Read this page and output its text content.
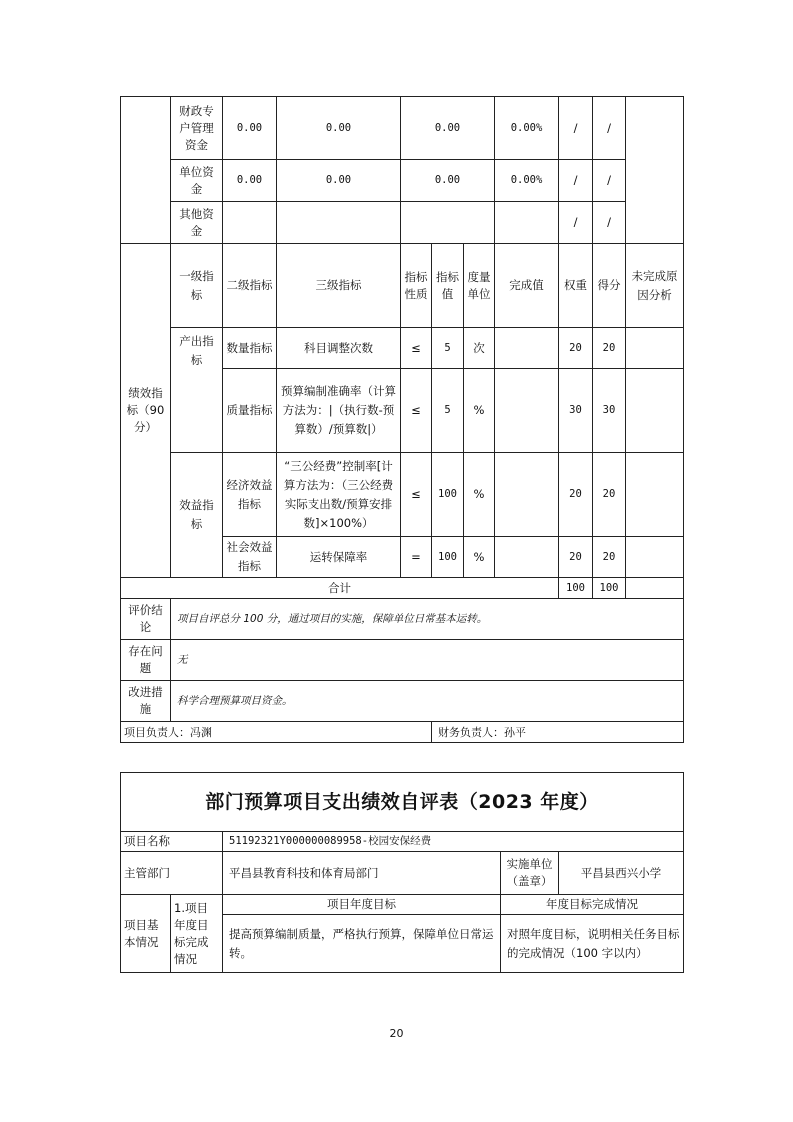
	财政专户管理资金	0.00	0.00	0.00			0.00%	/	/	
	单位资金	0.00	0.00	0.00			0.00%	/	/	
	其他资金							/	/	
绩效指标（90分）	一级指标	二级指标	三级指标	指标性质	指标值	度量单位	完成值	权重	得分	未完成原因分析
	产出指标	数量指标	科目调整次数	≤	5	次		20	20	
		质量指标	预算编制准确率（计算方法为：|（执行数-预算数）/预算数|）	≤	5	%		30	30	
	效益指标	经济效益指标	“三公经费”控制率[计算方法为：（三公经费实际支出数/预算安排数]×100%）	≤	100	%		20	20	
		社会效益指标	运转保障率	=	100	%		20	20	
合计								100	100	
评价结论	项目自评总分 100 分，通过项目的实施，保障单位日常基本运转。									
存在问题	无									
改进措施	科学合理预算项目资金。									
项目负责人：冯渊					财务负责人：孙平					
部门预算项目支出绩效自评表（2023 年度）				
项目名称		51192321Y000000089958-校园安保经费		
主管部门		平昌县教育科技和体育局部门	实施单位（盖章）	平昌县西兴小学
项目基本情况	1.项目年度目标完成情况	项目年度目标	年度目标完成情况	
		提高预算编制质量，严格执行预算，保障单位日常运转。	对照年度目标，说明相关任务目标的完成情况（100 字以内）	
20
